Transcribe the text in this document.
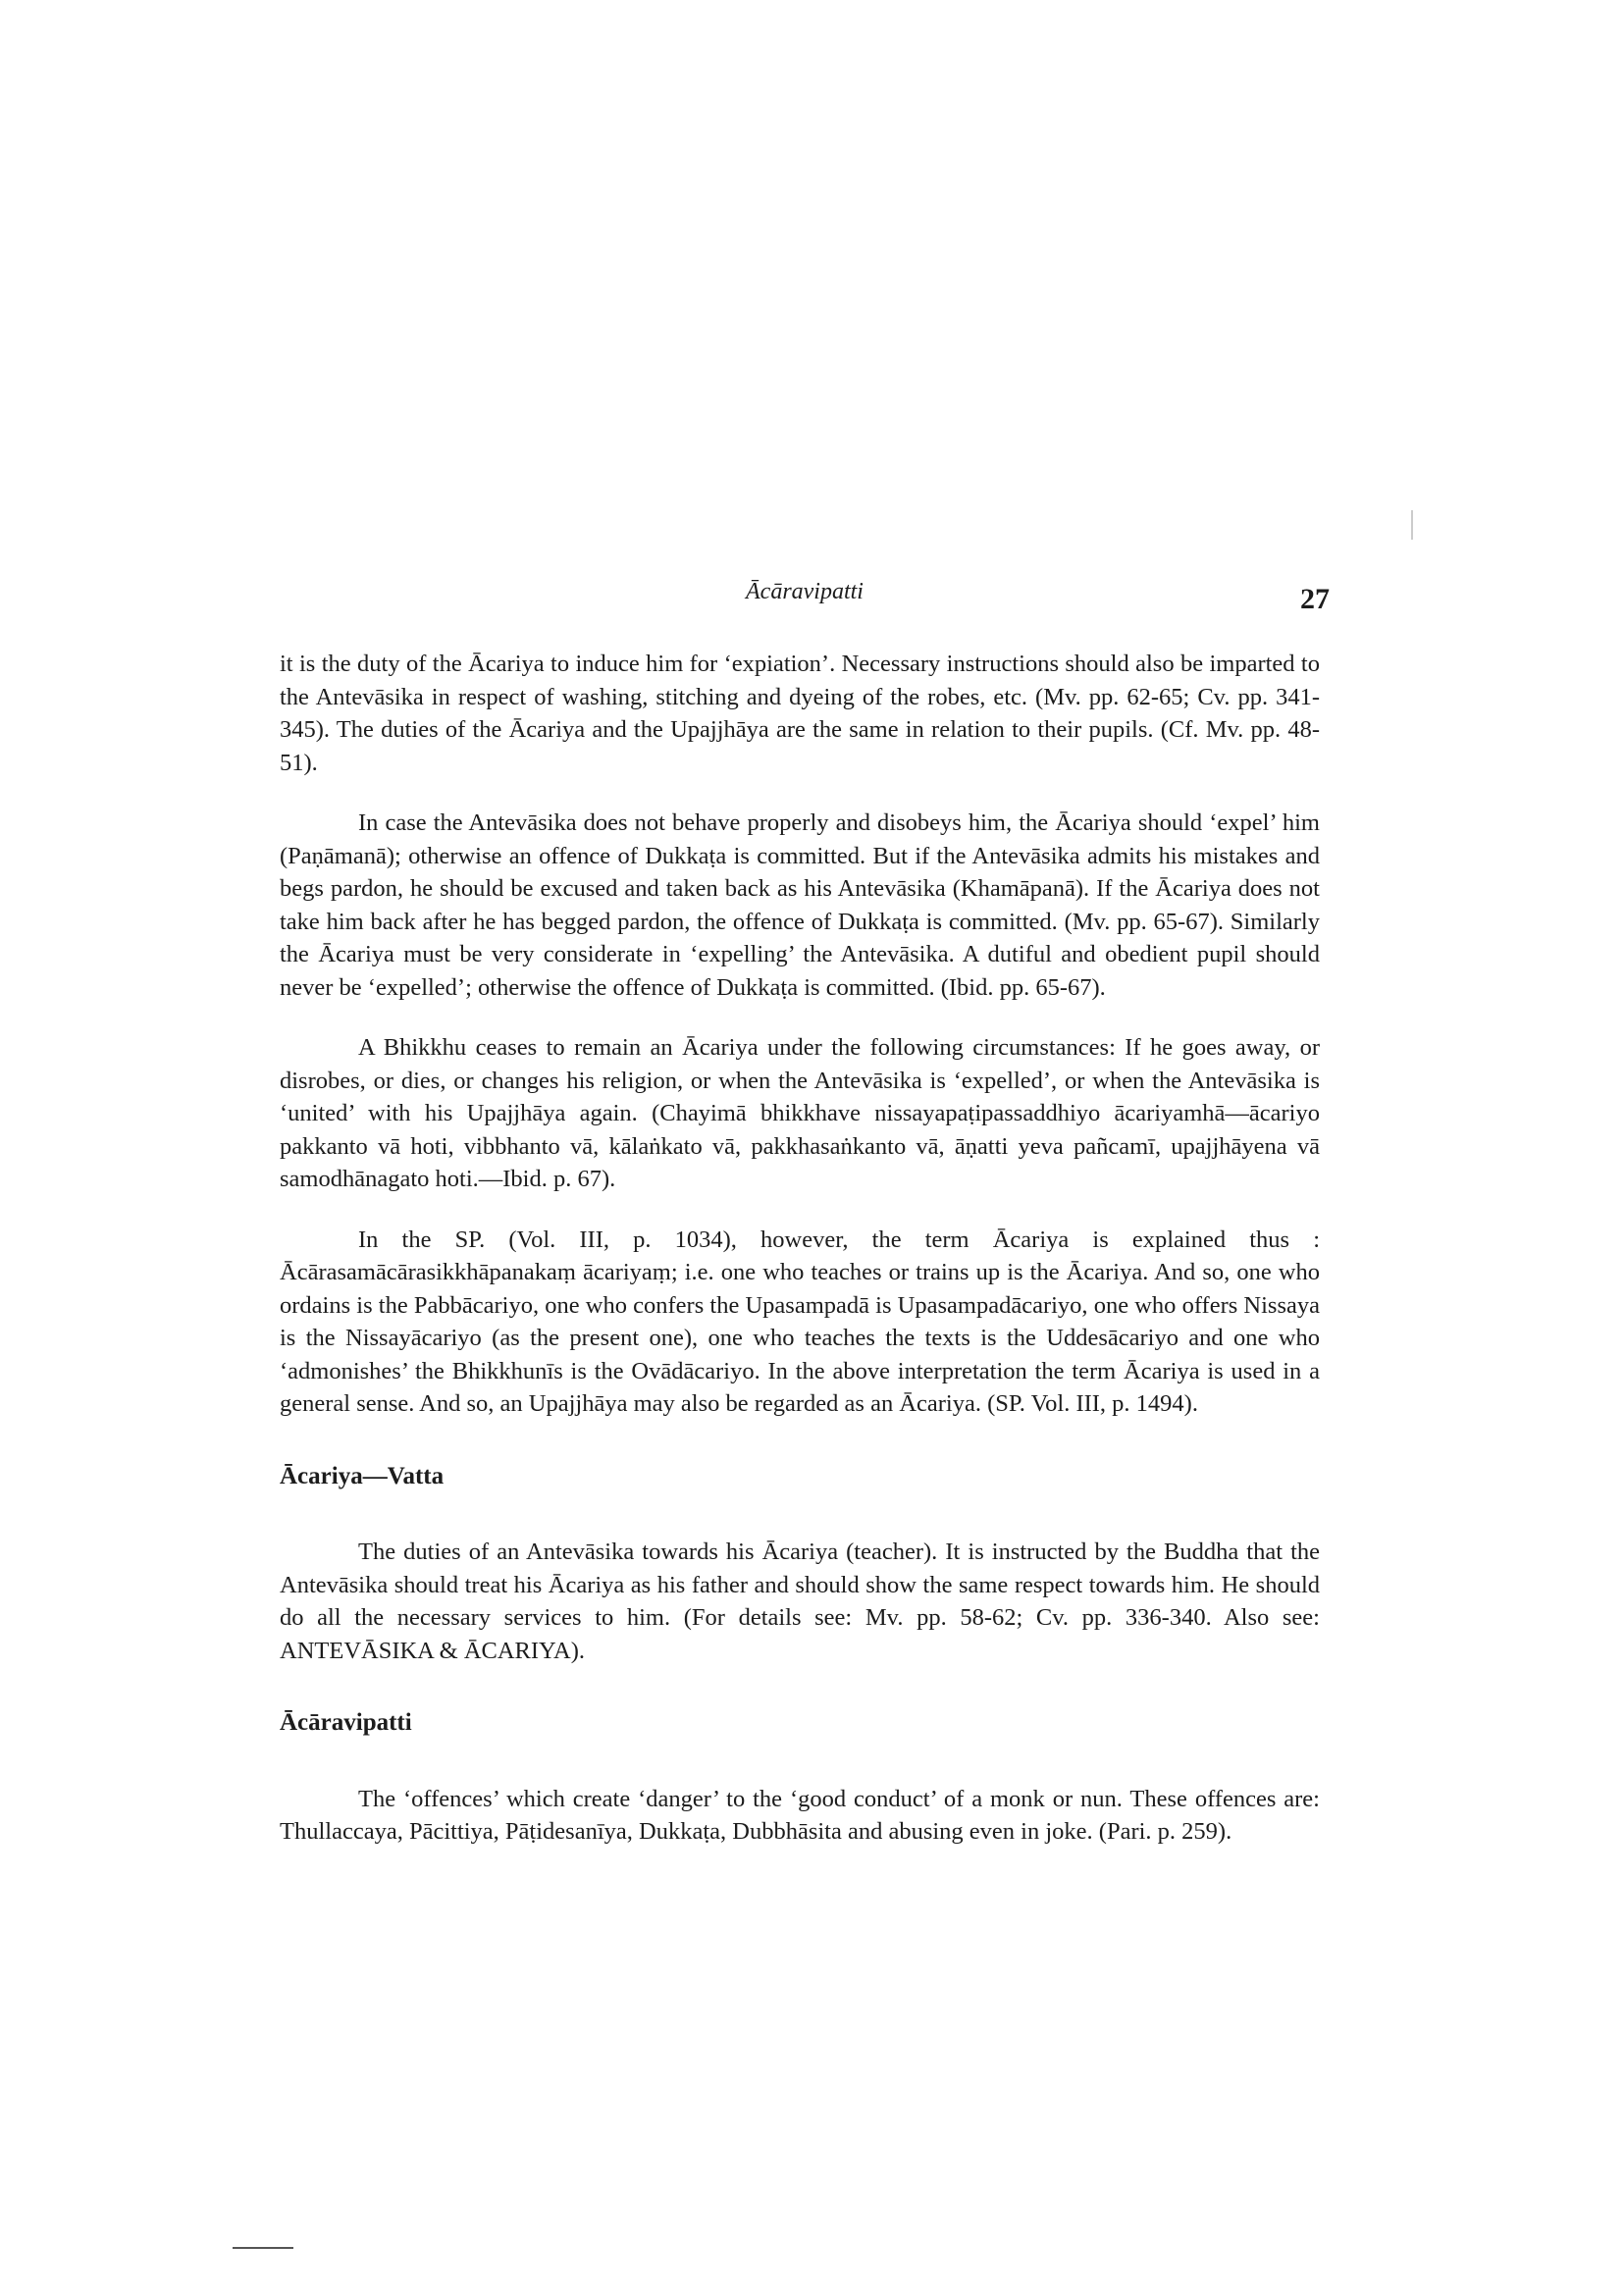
Ācāravipatti	27

it is the duty of the Ācariya to induce him for ‘expiation’. Necessary instructions should also be imparted to the Antevāsika in respect of washing, stitching and dyeing of the robes, etc. (Mv. pp. 62-65; Cv. pp. 341-345). The duties of the Ācariya and the Upajjhāya are the same in relation to their pupils. (Cf. Mv. pp. 48-51).

In case the Antevāsika does not behave properly and disobeys him, the Ācariya should ‘expel’ him (Paṇāmanā); otherwise an offence of Dukkaṭa is committed. But if the Antevāsika admits his mistakes and begs pardon, he should be excused and taken back as his Antevāsika (Khamāpanā). If the Ācariya does not take him back after he has begged pardon, the offence of Dukkaṭa is committed. (Mv. pp. 65-67). Similarly the Ācariya must be very considerate in ‘expelling’ the Antevāsika. A dutiful and obedient pupil should never be ‘expelled’; otherwise the offence of Dukkaṭa is committed. (Ibid. pp. 65-67).

A Bhikkhu ceases to remain an Ācariya under the following circumstances: If he goes away, or disrobes, or dies, or changes his religion, or when the Antevāsika is ‘expelled’, or when the Antevāsika is ‘united’ with his Upajjhāya again. (Chayimā bhikkhave nissayapaṭipassaddhiyo ācariyamhā—ācariyo pakkanto vā hoti, vibbhanto vā, kālaṅkato vā, pakkhasaṅkanto vā, āṇatti yeva pañcamī, upajjhāyena vā samodhānagato hoti.—Ibid. p. 67).

In the SP. (Vol. III, p. 1034), however, the term Ācariya is explained thus : Ācārasamācārasikkhāpanakaṃ ācariyaṃ; i.e. one who teaches or trains up is the Ācariya. And so, one who ordains is the Pabbācariyo, one who confers the Upasampadā is Upasampadācariyo, one who offers Nissaya is the Nissayācariyo (as the present one), one who teaches the texts is the Uddesācariyo and one who ‘admonishes’ the Bhikkhunīs is the Ovādācariyo. In the above interpretation the term Ācariya is used in a general sense. And so, an Upajjhāya may also be regarded as an Ācariya. (SP. Vol. III, p. 1494).

Ācariya—Vatta

The duties of an Antevāsika towards his Ācariya (teacher). It is instructed by the Buddha that the Antevāsika should treat his Ācariya as his father and should show the same respect towards him. He should do all the necessary services to him. (For details see: Mv. pp. 58-62; Cv. pp. 336-340. Also see: ANTEVĀSIKA & ĀCARIYA).

Ācāravipatti

The ‘offences’ which create ‘danger’ to the ‘good conduct’ of a monk or nun. These offences are: Thullaccaya, Pācittiya, Pāṭidesanīya, Dukkaṭa, Dubbhāsita and abusing even in joke. (Pari. p. 259).
